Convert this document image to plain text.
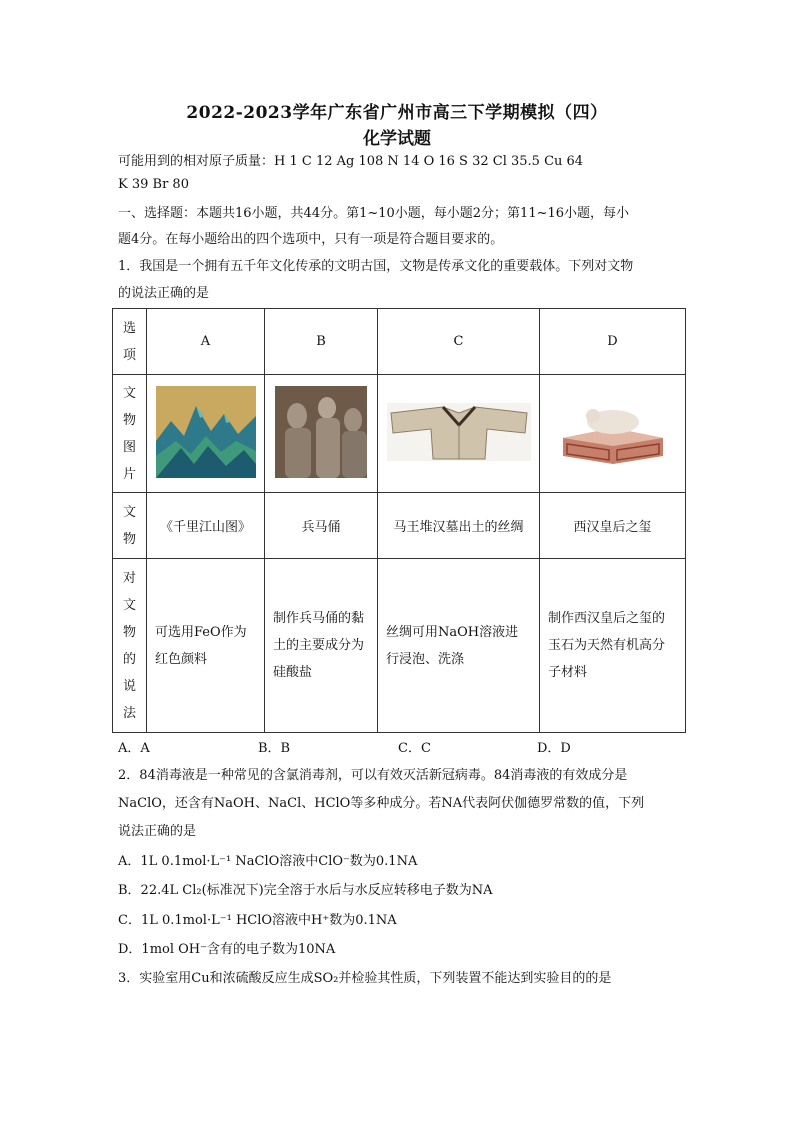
2022-2023学年广东省广州市高三下学期模拟（四）
化学试题
可能用到的相对原子质量：H 1 C 12 Ag 108 N 14 O 16 S 32 Cl 35.5 Cu 64
K 39 Br 80
一、选择题：本题共16小题，共44分。第1~10小题，每小题2分；第11~16小题，每小
题4分。在每小题给出的四个选项中，只有一项是符合题目要求的。
1．我国是一个拥有五千年文化传承的文明古国，文物是传承文化的重要载体。下列对文物
的说法正确的是
选项	A	B	C	D
文物图片				
文物	《千里江山图》	兵马俑	马王堆汉墓出土的丝绸	西汉皇后之玺
对文物的说法	可选用FeO作为红色颜料	制作兵马俑的黏土的主要成分为硅酸盐	丝绸可用NaOH溶液进行浸泡、洗涤	制作西汉皇后之玺的玉石为天然有机高分子材料
A．A	B．B	C．C	D．D
2．84消毒液是一种常见的含氯消毒剂，可以有效灭活新冠病毒。84消毒液的有效成分是
NaClO，还含有NaOH、NaCl、HClO等多种成分。若NA代表阿伏伽德罗常数的值，下列
说法正确的是
A．1L 0.1mol·L⁻¹ NaClO溶液中ClO⁻数为0.1NA
B．22.4L Cl₂(标准况下)完全溶于水后与水反应转移电子数为NA
C．1L 0.1mol·L⁻¹ HClO溶液中H⁺数为0.1NA
D．1mol OH⁻含有的电子数为10NA
3．实验室用Cu和浓硫酸反应生成SO₂并检验其性质，下列装置不能达到实验目的的是
